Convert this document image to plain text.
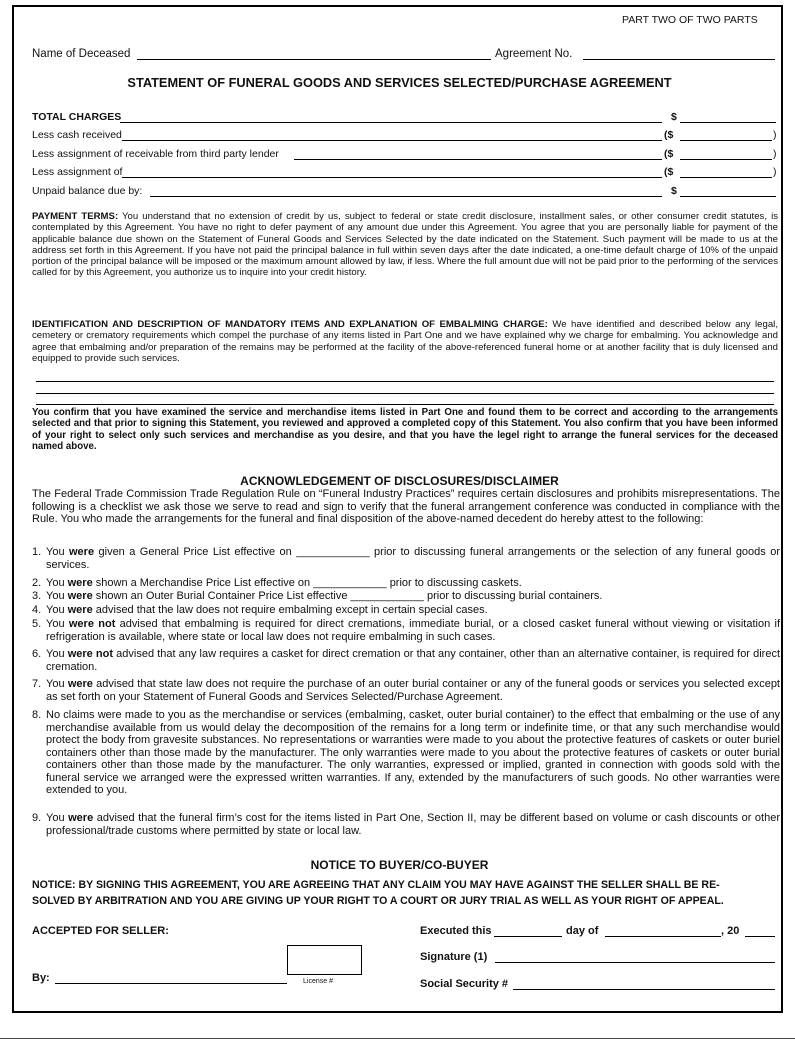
PART TWO OF TWO PARTS
Name of Deceased	Agreement No.
STATEMENT OF FUNERAL GOODS AND SERVICES SELECTED/PURCHASE AGREEMENT
TOTAL CHARGES	$
Less cash received	($	)
Less assignment of receivable from third party lender	($	)
Less assignment of	($	)
Unpaid balance due by:	$
PAYMENT TERMS: You understand that no extension of credit by us, subject to federal or state credit disclosure, installment sales, or other consumer credit statutes, is contemplated by this Agreement. You have no right to defer payment of any amount due under this Agreement. You agree that you are personally liable for payment of the applicable balance due shown on the Statement of Funeral Goods and Services Selected by the date indicated on the Statement. Such payment will be made to us at the address set forth in this Agreement. If you have not paid the principal balance in full within seven days after the date indicated, a one-time default charge of 10% of the unpaid portion of the principal balance will be imposed or the maximum amount allowed by law, if less. Where the full amount due will not be paid prior to the performing of the services called for by this Agreement, you authorize us to inquire into your credit history.
IDENTIFICATION AND DESCRIPTION OF MANDATORY ITEMS AND EXPLANATION OF EMBALMING CHARGE: We have identified and described below any legal, cemetery or crematory requirements which compel the purchase of any items listed in Part One and we have explained why we charge for embalming. You acknowledge and agree that embalming and/or preparation of the remains may be performed at the facility of the above-referenced funeral home or at another facility that is duly licensed and equipped to provide such services.
You confirm that you have examined the service and merchandise items listed in Part One and found them to be correct and according to the arrangements selected and that prior to signing this Statement, you reviewed and approved a completed copy of this Statement. You also confirm that you have been informed of your right to select only such services and merchandise as you desire, and that you have the legel right to arrange the funeral services for the deceased named above.
ACKNOWLEDGEMENT OF DISCLOSURES/DISCLAIMER
The Federal Trade Commission Trade Regulation Rule on “Funeral Industry Practices” requires certain disclosures and prohibits misrepresentations. The following is a checklist we ask those we serve to read and sign to verify that the funeral arrangement conference was conducted in compliance with the Rule. You who made the arrangements for the funeral and final disposition of the above-named decedent do hereby attest to the following:
1. You were given a General Price List effective on ____________ prior to discussing funeral arrangements or the selection of any funeral goods or services.
2. You were shown a Merchandise Price List effective on ____________ prior to discussing caskets.
3. You were shown an Outer Burial Container Price List effective ____________ prior to discussing burial containers.
4. You were advised that the law does not require embalming except in certain special cases.
5. You were not advised that embalming is required for direct cremations, immediate burial, or a closed casket funeral without viewing or visitation if refrigeration is available, where state or local law does not require embalming in such cases.
6. You were not advised that any law requires a casket for direct cremation or that any container, other than an alternative container, is required for direct cremation.
7. You were advised that state law does not require the purchase of an outer burial container or any of the funeral goods or services you selected except as set forth on your Statement of Funeral Goods and Services Selected/Purchase Agreement.
8. No claims were made to you as the merchandise or services (embalming, casket, outer burial container) to the effect that embalming or the use of any merchandise available from us would delay the decomposition of the remains for a long term or indefinite time, or that any such merchandise would protect the body from gravesite substances. No representations or warranties were made to you about the protective features of caskets or outer buriel containers other than those made by the manufacturer. The only warranties were made to you about the protective features of caskets or outer burial containers other than those made by the manufacturer. The only warranties, expressed or implied, granted in connection with goods sold with the funeral service we arranged were the expressed written warranties. If any, extended by the manufacturers of such goods. No other warranties were extended to you.
9. You were advised that the funeral firm’s cost for the items listed in Part One, Section II, may be different based on volume or cash discounts or other professional/trade customs where permitted by state or local law.
NOTICE TO BUYER/CO-BUYER
NOTICE: BY SIGNING THIS AGREEMENT, YOU ARE AGREEING THAT ANY CLAIM YOU MAY HAVE AGAINST THE SELLER SHALL BE RE-
SOLVED BY ARBITRATION AND YOU ARE GIVING UP YOUR RIGHT TO A COURT OR JURY TRIAL AS WELL AS YOUR RIGHT OF APPEAL.
ACCEPTED FOR SELLER:	Executed this	day of	, 20
License #
Signature (1)
By:	Social Security #
